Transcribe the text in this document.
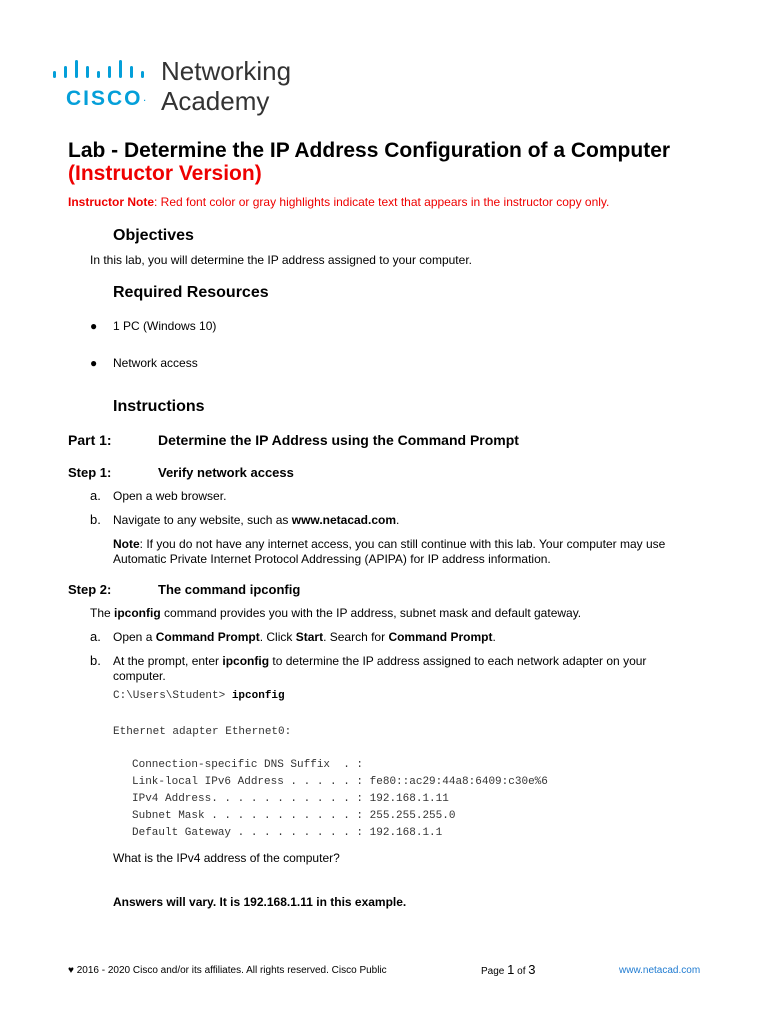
CISCO.
Networking
Academy
Lab - Determine the IP Address Configuration of a Computer
(Instructor Version)
Instructor Note: Red font color or gray highlights indicate text that appears in the instructor copy only.
Objectives
In this lab, you will determine the IP address assigned to your computer.
Required Resources
● 1 PC (Windows 10)
● Network access
Instructions
Part 1:	Determine the IP Address using the Command Prompt
Step 1:	Verify network access
a. Open a web browser.
b. Navigate to any website, such as www.netacad.com.
Note: If you do not have any internet access, you can still continue with this lab. Your computer may use
Automatic Private Internet Protocol Addressing (APIPA) for IP address information.
Step 2:	The command ipconfig
The ipconfig command provides you with the IP address, subnet mask and default gateway.
a. Open a Command Prompt. Click Start. Search for Command Prompt.
b. At the prompt, enter ipconfig to determine the IP address assigned to each network adapter on your
computer.
C:\Users\Student> ipconfig
Ethernet adapter Ethernet0:
Connection-specific DNS Suffix  . :
Link-local IPv6 Address . . . . . : fe80::ac29:44a8:6409:c30e%6
IPv4 Address. . . . . . . . . . . : 192.168.1.11
Subnet Mask . . . . . . . . . . . : 255.255.255.0
Default Gateway . . . . . . . . . : 192.168.1.1
What is the IPv4 address of the computer?
Answers will vary. It is 192.168.1.11 in this example.
♥ 2016 - 2020 Cisco and/or its affiliates. All rights reserved. Cisco Public	Page 1 of 3	www.netacad.com
